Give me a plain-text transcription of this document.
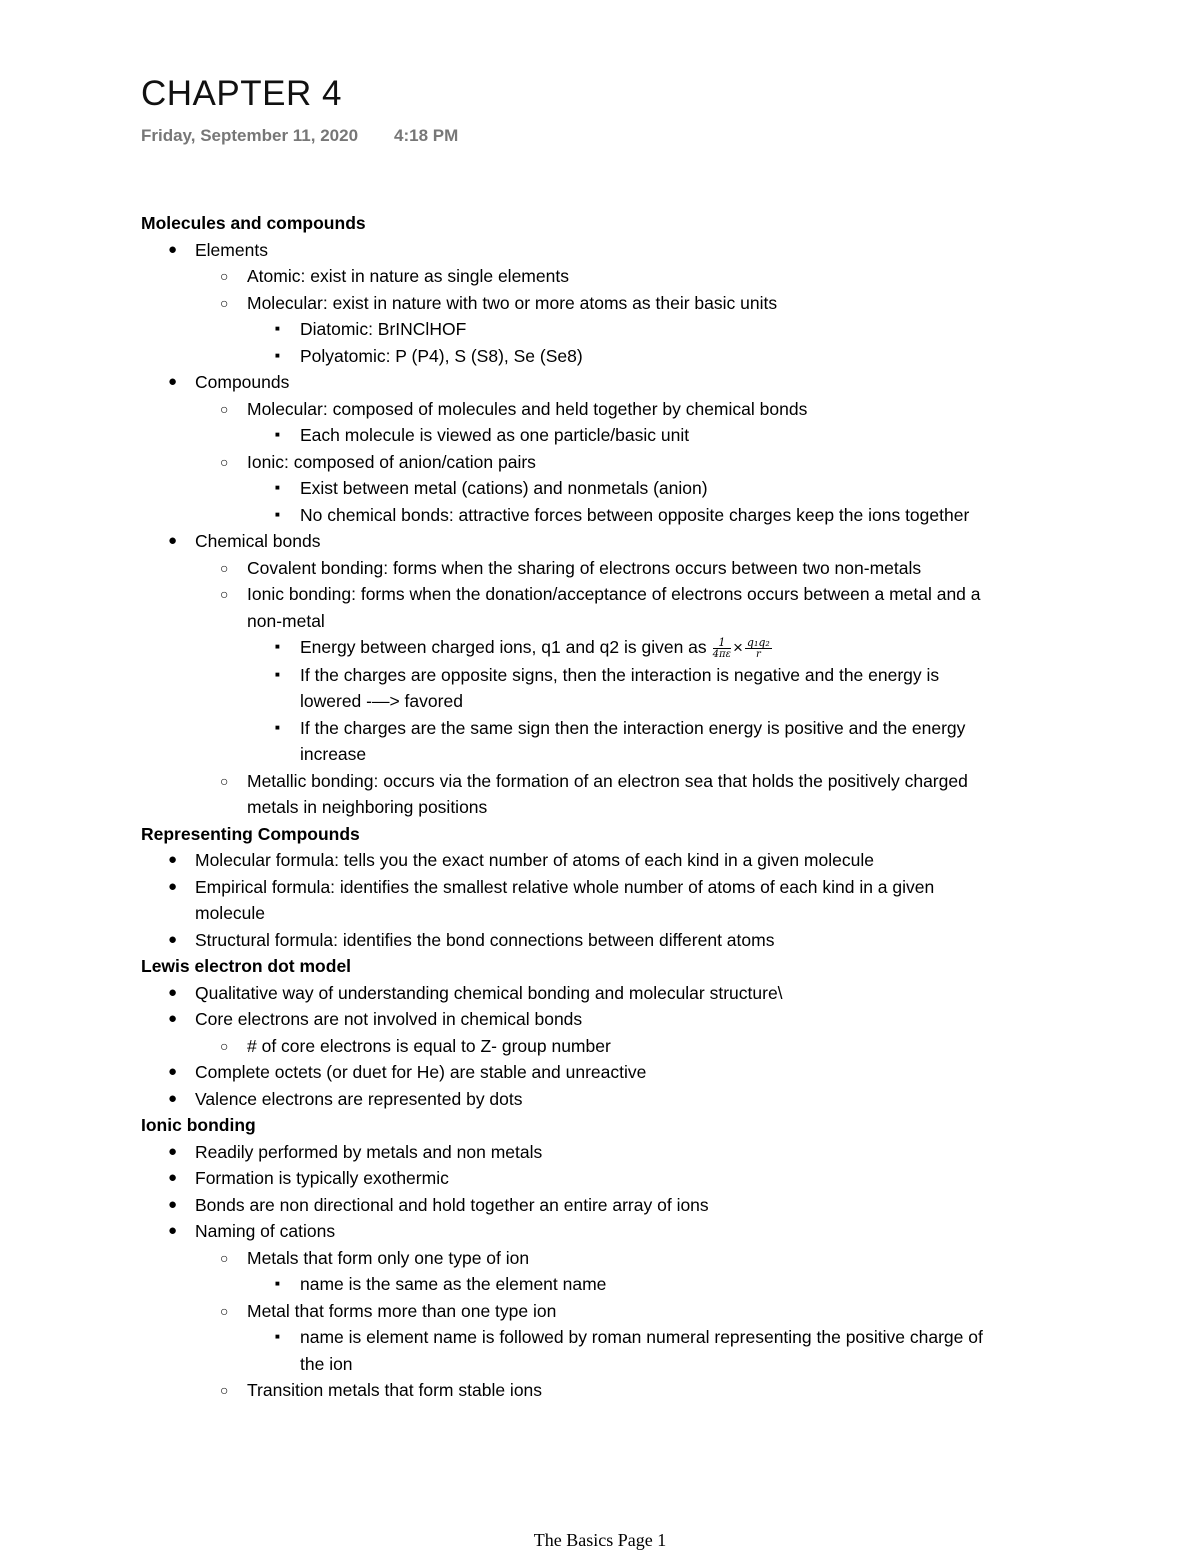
CHAPTER 4
Friday, September 11, 2020 4:18 PM
Molecules and compounds
● Elements
○ Atomic: exist in nature as single elements
○ Molecular: exist in nature with two or more atoms as their basic units
■ Diatomic: BrINClHOF
■ Polyatomic: P (P4), S (S8), Se (Se8)
● Compounds
○ Molecular: composed of molecules and held together by chemical bonds
■ Each molecule is viewed as one particle/basic unit
○ Ionic: composed of anion/cation pairs
■ Exist between metal (cations) and nonmetals (anion)
■ No chemical bonds: attractive forces between opposite charges keep the ions together
● Chemical bonds
○ Covalent bonding: forms when the sharing of electrons occurs between two non-metals
○ Ionic bonding: forms when the donation/acceptance of electrons occurs between a metal and a non-metal
■ Energy between charged ions, q1 and q2 is given as $\frac{1}{4\pi\varepsilon} \times \frac{\text{q₁q₂}}{r}$
■ If the charges are opposite signs, then the interaction is negative and the energy is lowered -—> favored
■ If the charges are the same sign then the interaction energy is positive and the energy increase
○ Metallic bonding: occurs via the formation of an electron sea that holds the positively charged metals in neighboring positions
Representing Compounds
● Molecular formula: tells you the exact number of atoms of each kind in a given molecule
● Empirical formula: identifies the smallest relative whole number of atoms of each kind in a given molecule
● Structural formula: identifies the bond connections between different atoms
Lewis electron dot model
● Qualitative way of understanding chemical bonding and molecular structure\
● Core electrons are not involved in chemical bonds
○ # of core electrons is equal to Z- group number
● Complete octets (or duet for He) are stable and unreactive
● Valence electrons are represented by dots
Ionic bonding
● Readily performed by metals and non metals
● Formation is typically exothermic
● Bonds are non directional and hold together an entire array of ions
● Naming of cations
○ Metals that form only one type of ion
■ name is the same as the element name
○ Metal that forms more than one type ion
■ name is element name is followed by roman numeral representing the positive charge of the ion
○ Transition metals that form stable ions
The Basics Page 1
